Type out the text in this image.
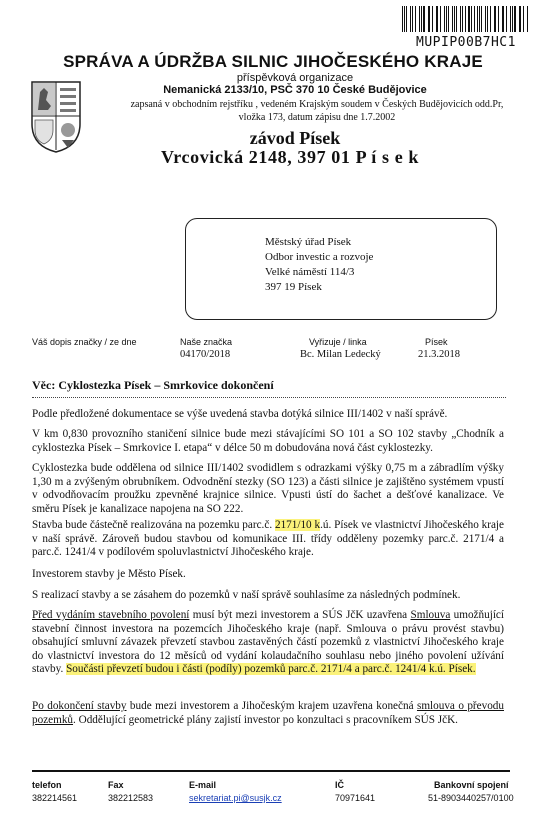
MUPIP00B7HC1
SPRÁVA A ÚDRŽBA SILNIC JIHOČESKÉHO KRAJE
příspěvková organizace
Nemanická 2133/10, PSČ 370 10 České Budějovice
zapsaná v obchodním rejstříku , vedeném Krajským soudem v Českých Budějovicích odd.Pr,
vložka 173, datum zápisu dne 1.7.2002
závod Písek
Vrcovická 2148, 397 01 P í s e k
Městský úřad Písek
Odbor investic a rozvoje
Velké náměstí 114/3
397 19 Písek
Váš dopis značky / ze dne	Naše značka
04170/2018
Vyřizuje / linka
Bc. Milan Ledecký
Písek
21.3.2018
Věc: Cyklostezka Písek – Smrkovice dokončení
Podle předložené dokumentace se výše uvedená stavba dotýká silnice III/1402 v naší správě.
V km 0,830 provozního staničení silnice bude mezi stávajícími SO 101 a SO 102 stavby „Chodník a cyklostezka Písek – Smrkovice I. etapa“ v délce 50 m dobudována nová část cyklostezky.
Cyklostezka bude oddělena od silnice III/1402 svodidlem s odrazkami výšky 0,75 m a zábradlím výšky 1,30 m a zvýšeným obrubníkem. Odvodnění stezky (SO 123) a části silnice je zajištěno systémem vpustí v odvodňovacím proužku zpevněné krajnice silnice. Vpusti ústí do šachet a dešťové kanalizace. Ve směru Písek je kanalizace napojena na SO 222.
Stavba bude částečně realizována na pozemku parc.č. 2171/10 k.ú. Písek ve vlastnictví Jihočeského kraje v naší správě. Zároveň budou stavbou od komunikace III. třídy odděleny pozemky parc.č. 2171/4 a parc.č. 1241/4 v podílovém spoluvlastnictví Jihočeského kraje.
Investorem stavby je Město Písek.
S realizací stavby a se zásahem do pozemků v naší správě souhlasíme za následných podmínek.
Před vydáním stavebního povolení musí být mezi investorem a SÚS JčK uzavřena Smlouva umožňující stavební činnost investora na pozemcích Jihočeského kraje (např. Smlouva o právu provést stavbu) obsahující smluvní závazek převzetí stavbou zastavěných částí pozemků z vlastnictví Jihočeského kraje do vlastnictví investora do 12 měsíců od vydání kolaudačního souhlasu nebo jiného povolení užívání stavby. Součásti převzetí budou i části (podíly) pozemků parc.č. 2171/4 a parc.č. 1241/4 k.ú. Písek.
Po dokončení stavby bude mezi investorem a Jihočeským krajem uzavřena konečná smlouva o převodu pozemků. Oddělující geometrické plány zajistí investor po konzultaci s pracovníkem SÚS JčK.
telefon
382214561
Fax
382212583
E-mail
sekretariat.pi@susjk.cz
IČ
70971641
Bankovní spojení
51-8903440257/0100
